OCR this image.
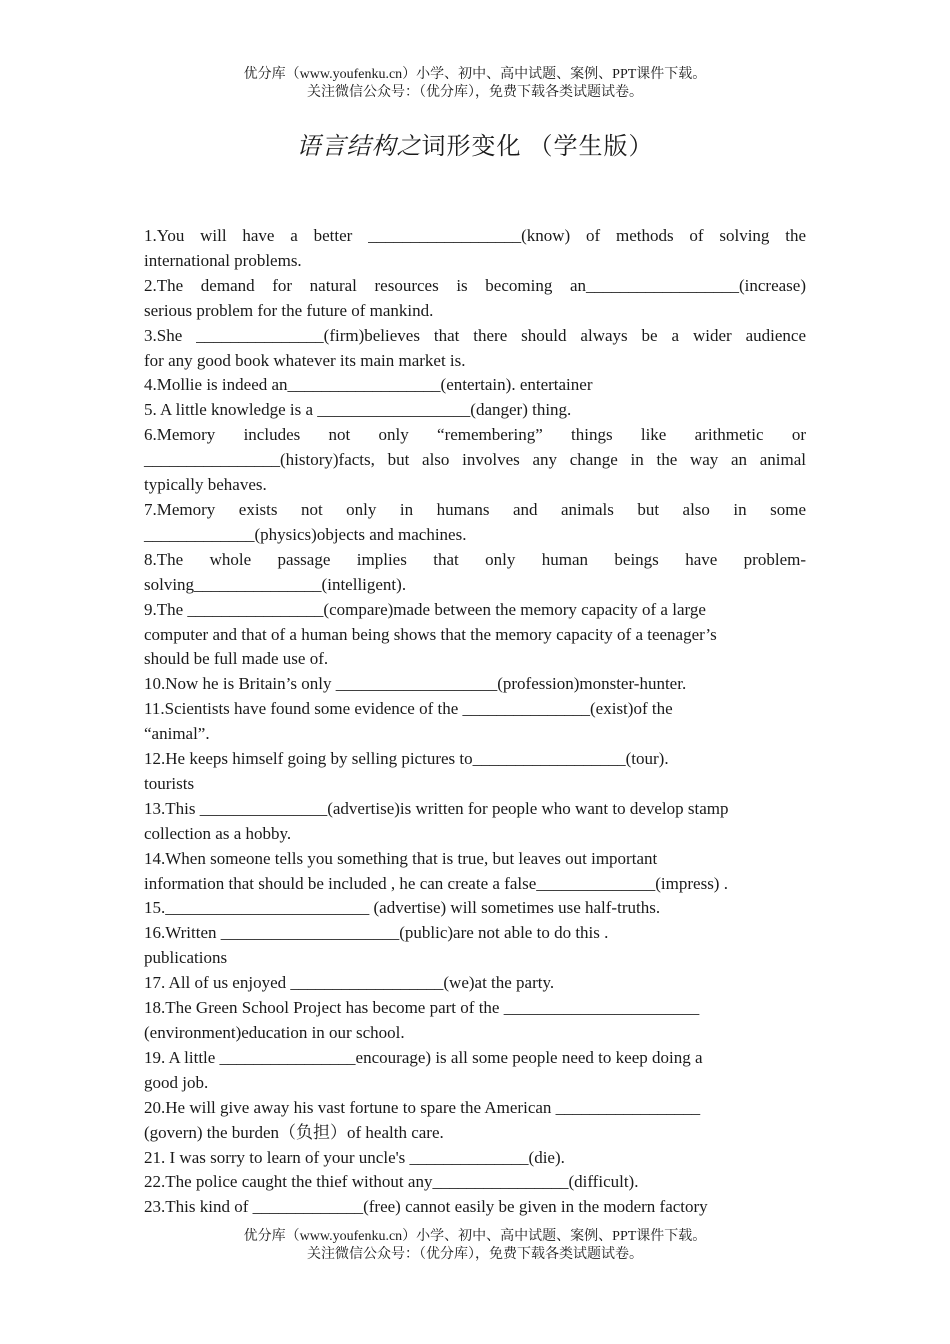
优分库（www.youfenku.cn）小学、初中、高中试题、案例、PPT课件下载。
关注微信公众号：（优分库），免费下载各类试题试卷。
语言结构之词形变化 （学生版）
1.You will have a better __________________(know) of methods of solving the
international problems.
2.The demand for natural resources is becoming an__________________(increase)
serious problem for the future of mankind.
3.She _______________(firm)believes that there should always be a wider audience
for any good book whatever its main market is.
4.Mollie is indeed an__________________(entertain). entertainer
5. A little knowledge is a __________________(danger) thing.
6.Memory includes not only “remembering” things like arithmetic or
________________(history)facts, but also involves any change in the way an animal
typically behaves.
7.Memory exists not only in humans and animals but also in some
_____________(physics)objects and machines.
8.The whole passage implies that only human beings have problem-
solving_______________(intelligent).
9.The ________________(compare)made between the memory capacity of a large
computer and that of a human being shows that the memory capacity of a teenager’s
should be full made use of.
10.Now he is Britain’s only ___________________(profession)monster-hunter.
11.Scientists have found some evidence of the _______________(exist)of the
“animal”.
12.He keeps himself going by selling pictures to__________________(tour).
tourists
13.This _______________(advertise)is written for people who want to develop stamp
collection as a hobby.
14.When someone tells you something that is true, but leaves out important
information that should be included , he can create a false______________(impress) .
15.________________________ (advertise) will sometimes use half-truths.
16.Written _____________________(public)are not able to do this .
publications
17. All of us enjoyed __________________(we)at the party.
18.The Green School Project has become part of the _______________________
(environment)education in our school.
19. A little ________________encourage) is all some people need to keep doing a
good job.
20.He will give away his vast fortune to spare the American _________________
(govern) the burden（负担）of health care.
21. I was sorry to learn of your uncle's ______________(die).
22.The police caught the thief without any________________(difficult).
23.This kind of _____________(free) cannot easily be given in the modern factory
优分库（www.youfenku.cn）小学、初中、高中试题、案例、PPT课件下载。
关注微信公众号：（优分库），免费下载各类试题试卷。
